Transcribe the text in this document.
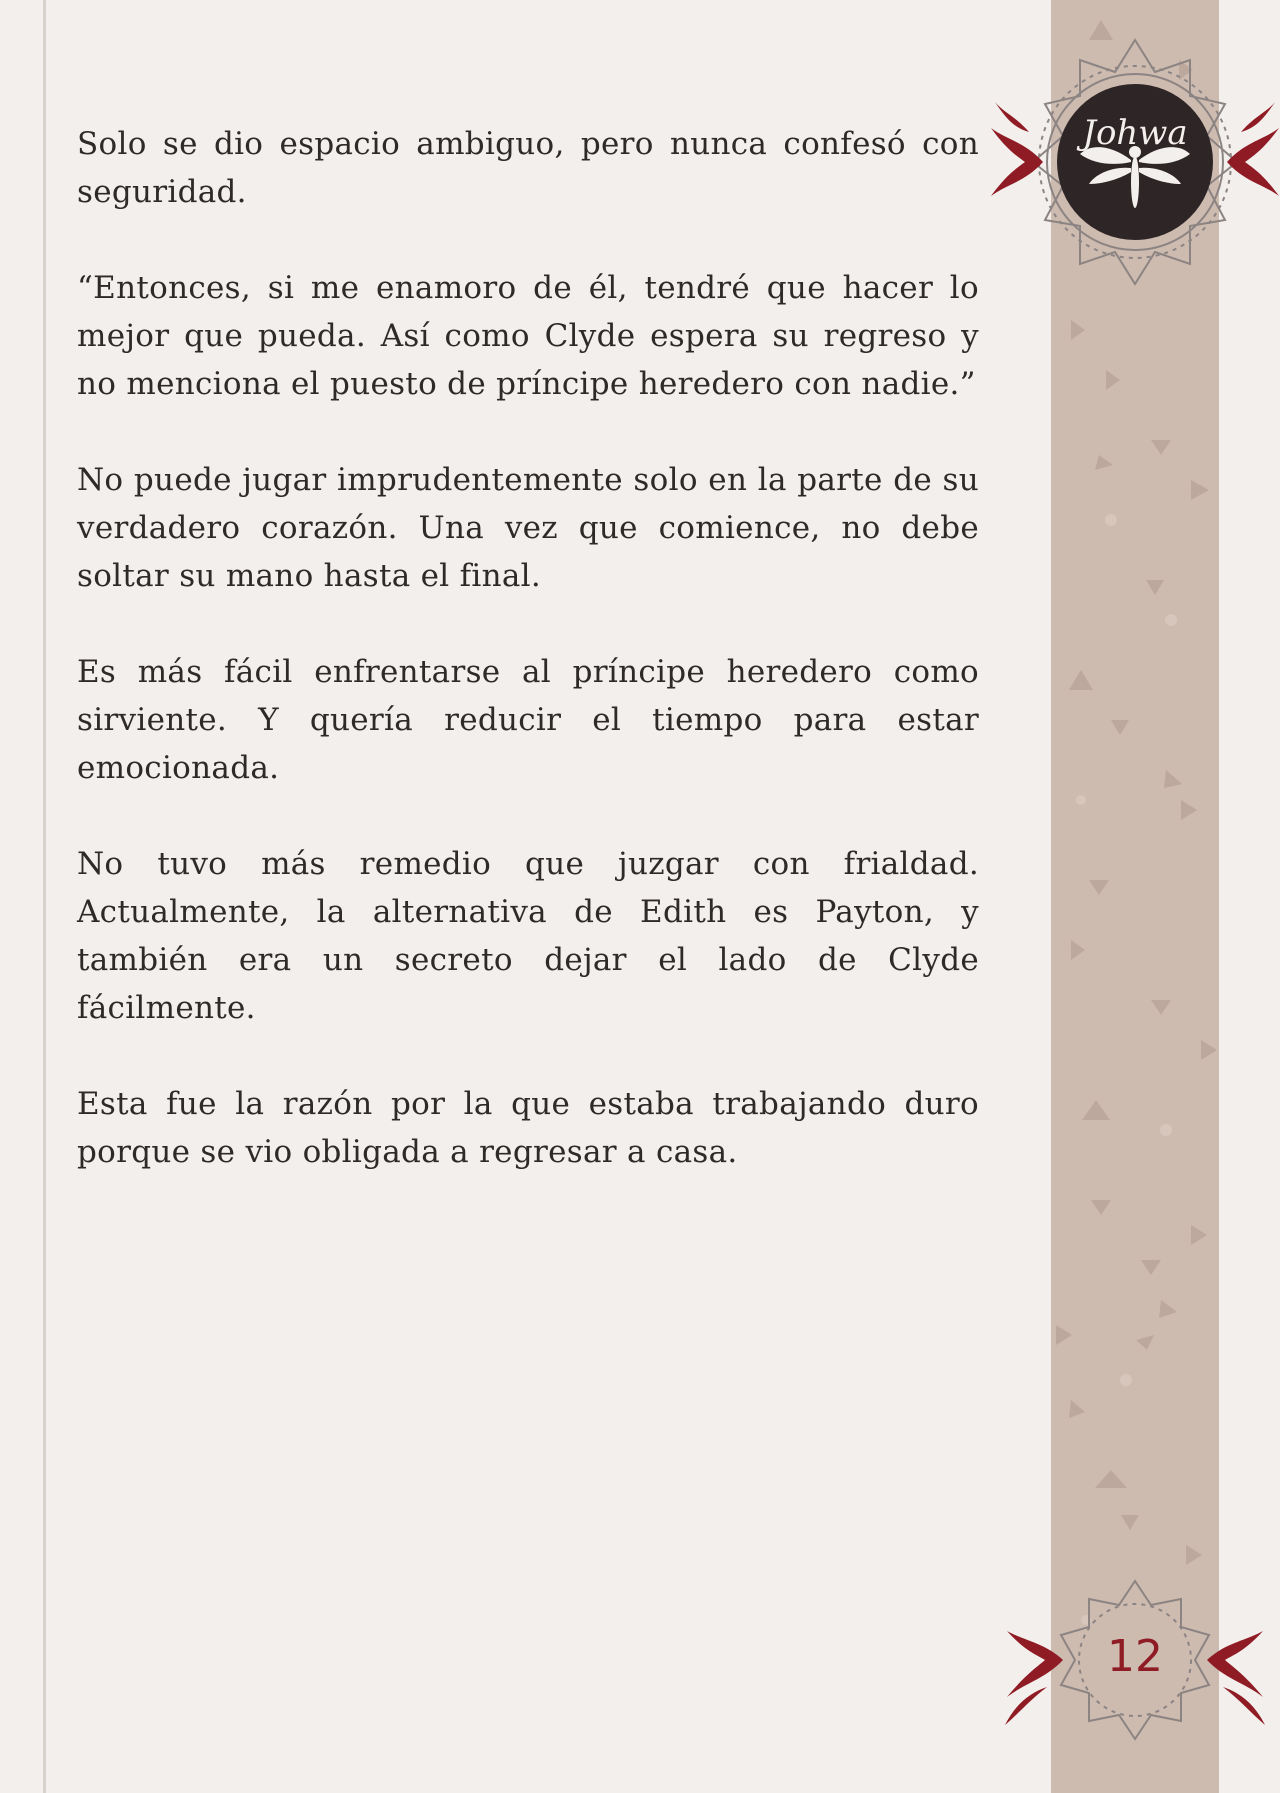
Solo se dio espacio ambiguo, pero nunca confesó con seguridad.

“Entonces, si me enamoro de él, tendré que hacer lo mejor que pueda. Así como Clyde espera su regreso y no menciona el puesto de príncipe heredero con nadie.”

No puede jugar imprudentemente solo en la parte de su verdadero corazón. Una vez que comience, no debe soltar su mano hasta el final.

Es más fácil enfrentarse al príncipe heredero como sirviente. Y quería reducir el tiempo para estar emocionada.

No tuvo más remedio que juzgar con frialdad. Actualmente, la alternativa de Edith es Payton, y también era un secreto dejar el lado de Clyde fácilmente.

Esta fue la razón por la que estaba trabajando duro porque se vio obligada a regresar a casa.

Johwa
12
